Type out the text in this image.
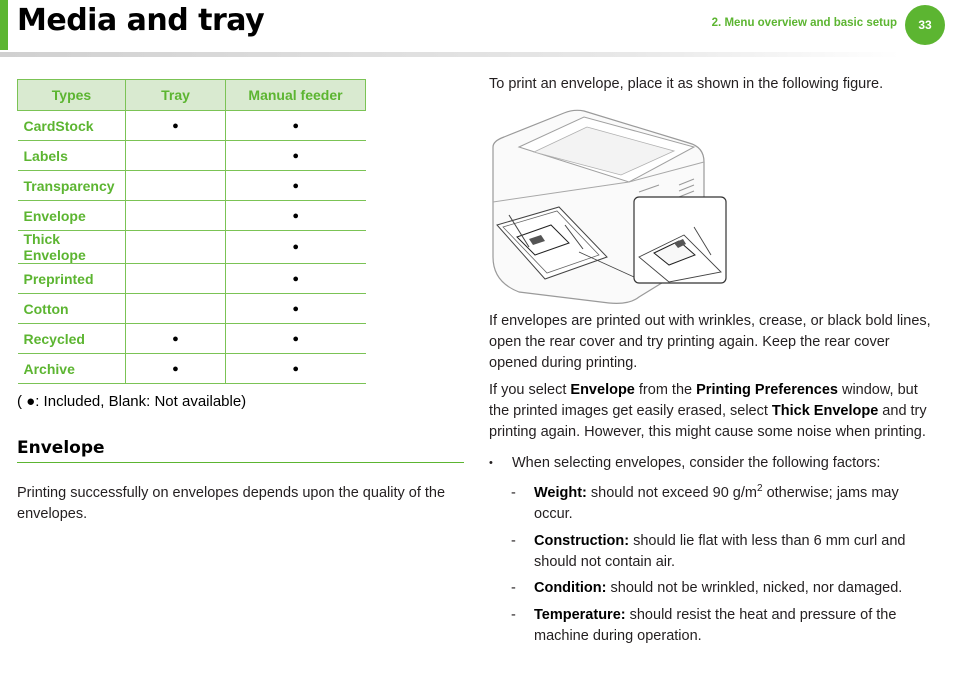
Media and tray	2. Menu overview and basic setup	33
Types	Tray	Manual feeder
CardStock	●	●
Labels		●
Transparency		●
Envelope		●
Thick Envelope		●
Preprinted		●
Cotton		●
Recycled	●	●
Archive	●	●
( ●: Included, Blank: Not available)
Envelope

Printing successfully on envelopes depends upon the quality of the envelopes.

To print an envelope, place it as shown in the following figure.

If envelopes are printed out with wrinkles, crease, or black bold lines, open the rear cover and try printing again. Keep the rear cover opened during printing.

If you select Envelope from the Printing Preferences window, but the printed images get easily erased, select Thick Envelope and try printing again. However, this might cause some noise when printing.

• When selecting envelopes, consider the following factors:
- Weight: should not exceed 90 $g/m^2$ otherwise; jams may occur.
- Construction: should lie flat with less than 6 mm curl and should not contain air.
- Condition: should not be wrinkled, nicked, nor damaged.
- Temperature: should resist the heat and pressure of the machine during operation.
